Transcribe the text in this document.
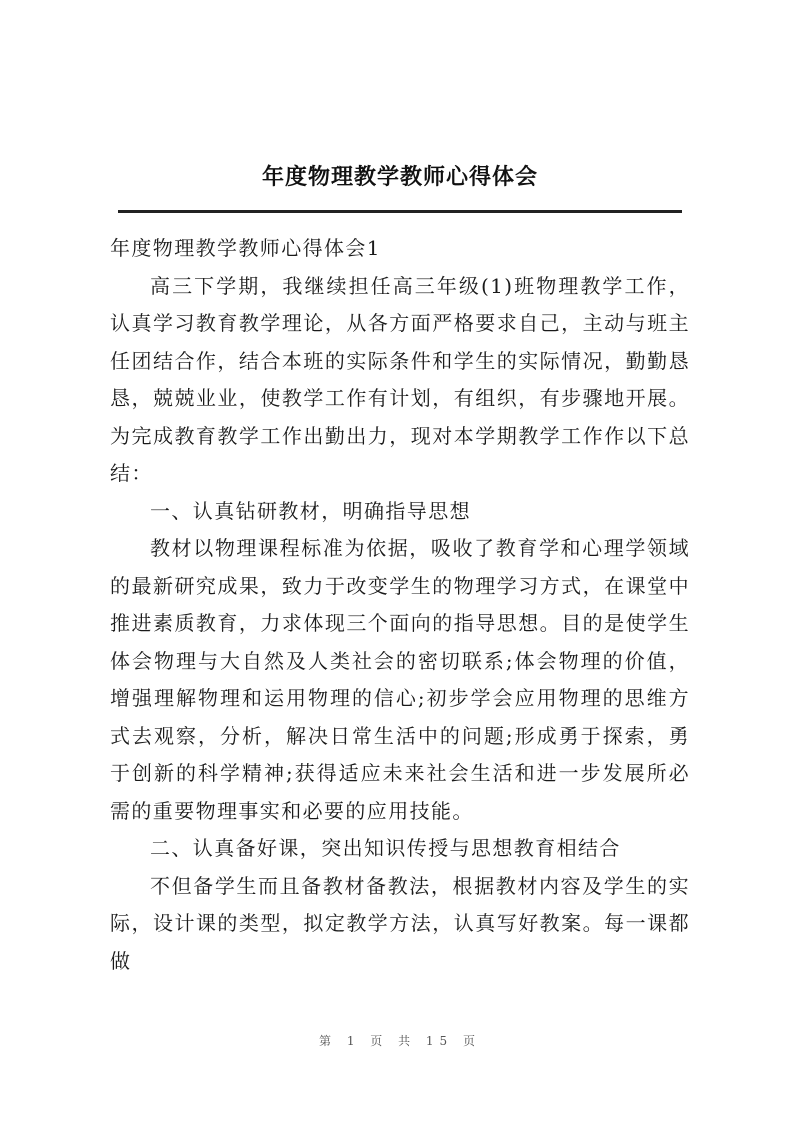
年度物理教学教师心得体会

年度物理教学教师心得体会1

高三下学期，我继续担任高三年级(1)班物理教学工作，认真学习教育教学理论，从各方面严格要求自己，主动与班主任团结合作，结合本班的实际条件和学生的实际情况，勤勤恳恳，兢兢业业，使教学工作有计划，有组织，有步骤地开展。为完成教育教学工作出勤出力，现对本学期教学工作作以下总结：

一、认真钻研教材，明确指导思想

教材以物理课程标准为依据，吸收了教育学和心理学领域的最新研究成果，致力于改变学生的物理学习方式，在课堂中推进素质教育，力求体现三个面向的指导思想。目的是使学生体会物理与大自然及人类社会的密切联系;体会物理的价值，增强理解物理和运用物理的信心;初步学会应用物理的思维方式去观察，分析，解决日常生活中的问题;形成勇于探索，勇于创新的科学精神;获得适应未来社会生活和进一步发展所必需的重要物理事实和必要的应用技能。

二、认真备好课，突出知识传授与思想教育相结合

不但备学生而且备教材备教法，根据教材内容及学生的实际，设计课的类型，拟定教学方法，认真写好教案。每一课都做

第 1 页 共 15 页
